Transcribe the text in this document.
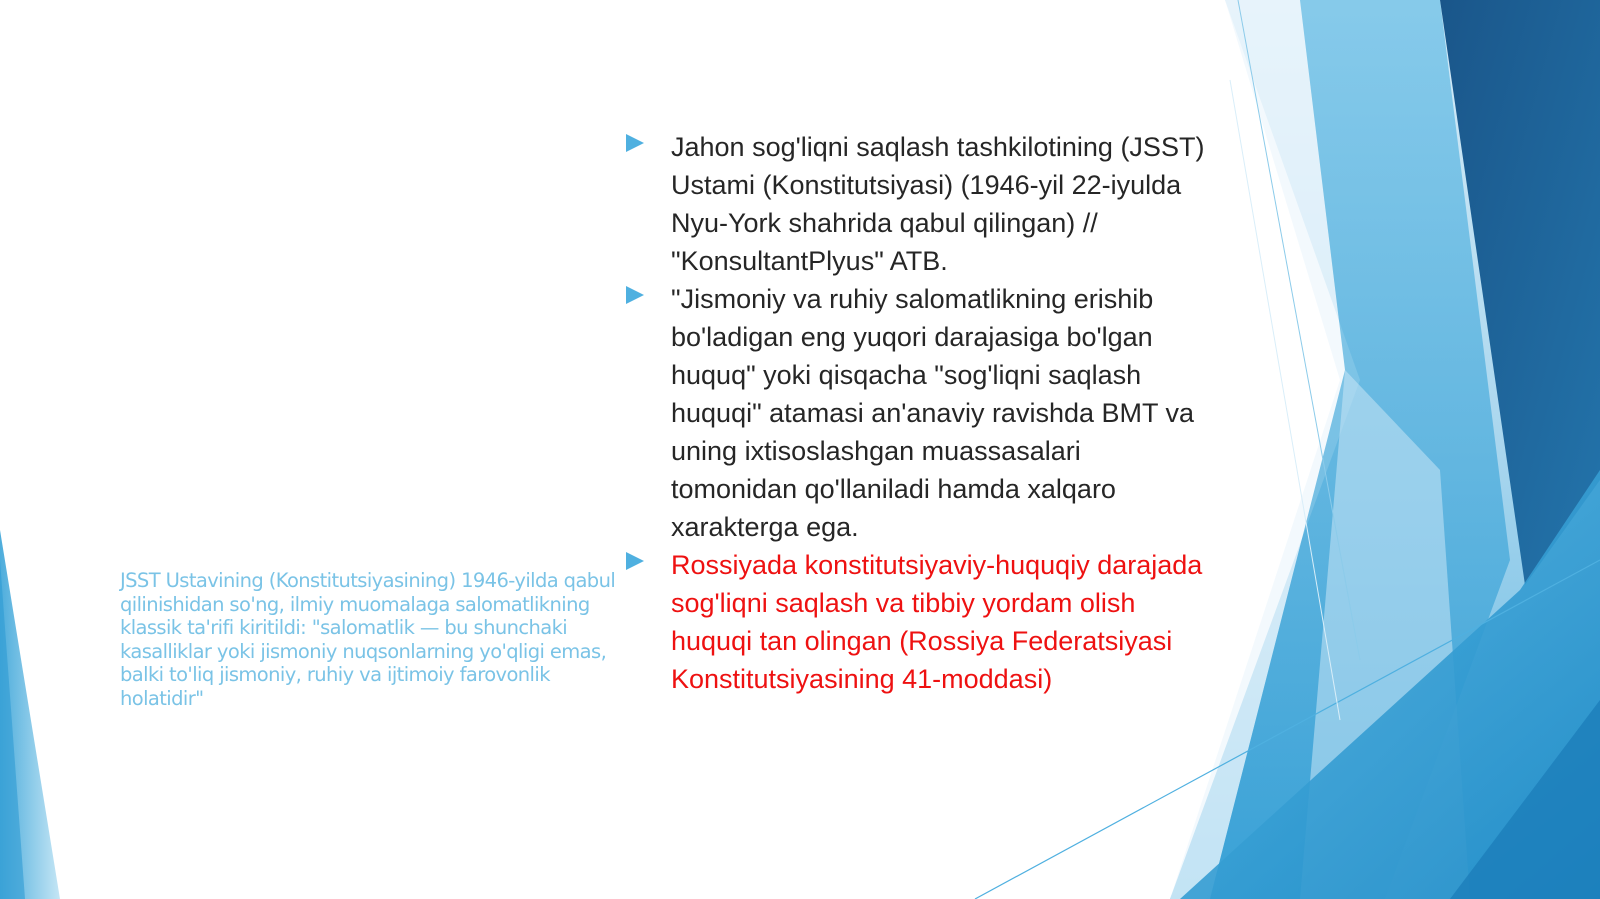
JSST Ustavining (Konstitutsiyasining) 1946-yilda qabul qilinishidan so'ng, ilmiy muomalaga salomatlikning klassik ta'rifi kiritildi: "salomatlik — bu shunchaki kasalliklar yoki jismoniy nuqsonlarning yo'qligi emas, balki to'liq jismoniy, ruhiy va ijtimoiy farovonlik holatidir"

Jahon sog'liqni saqlash tashkilotining (JSST) Ustami (Konstitutsiyasi) (1946-yil 22-iyulda Nyu-York shahrida qabul qilingan) // "KonsultantPlyus" ATB.
"Jismoniy va ruhiy salomatlikning erishib bo'ladigan eng yuqori darajasiga bo'lgan huquq" yoki qisqacha "sog'liqni saqlash huquqi" atamasi an'anaviy ravishda BMT va uning ixtisoslashgan muassasalari tomonidan qo'llaniladi hamda xalqaro xarakterga ega.
Rossiyada konstitutsiyaviy-huquqiy darajada sog'liqni saqlash va tibbiy yordam olish huquqi tan olingan (Rossiya Federatsiyasi Konstitutsiyasining 41-moddasi)
